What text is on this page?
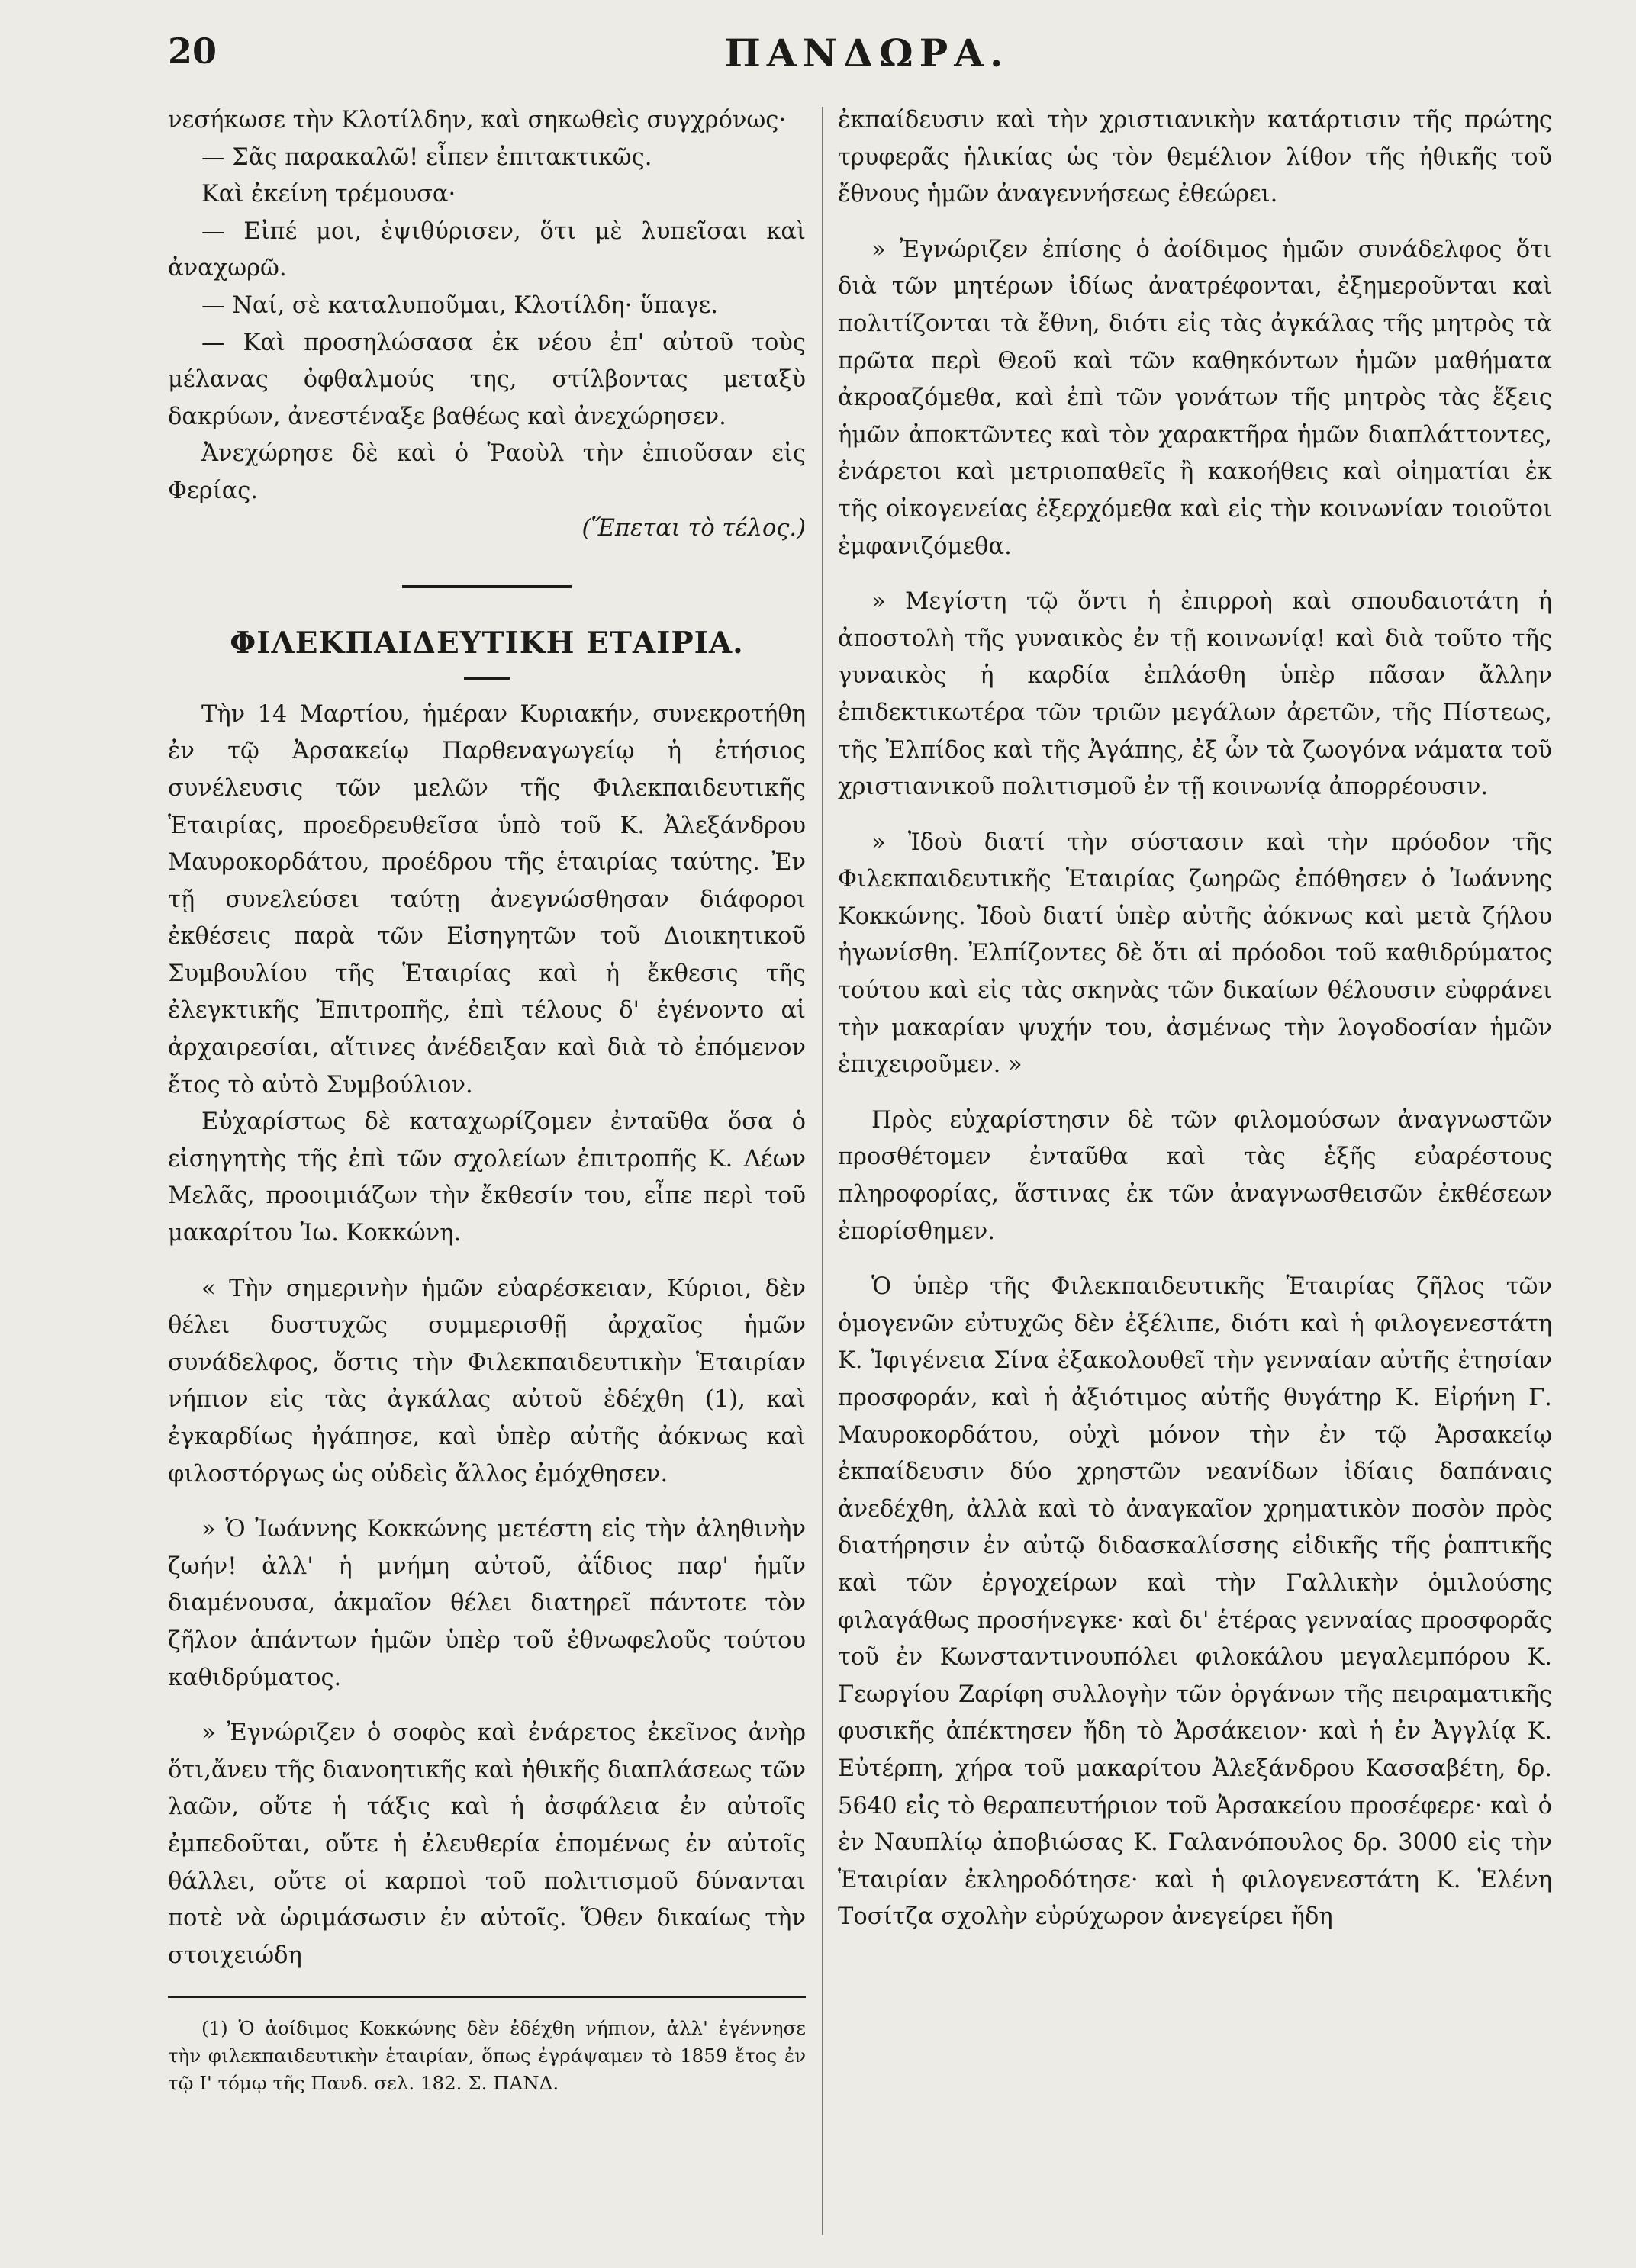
20	ΠΑΝΔΩΡΑ.

νεσήκωσε τὴν Κλοτίλδην, καὶ σηκωθεὶς συγχρόνως·

— Σᾶς παρακαλῶ! εἶπεν ἐπιτακτικῶς.

Καὶ ἐκείνη τρέμουσα·

— Εἰπέ μοι, ἐψιθύρισεν, ὅτι μὲ λυπεῖσαι καὶ ἀναχωρῶ.

— Ναί, σὲ καταλυποῦμαι, Κλοτίλδη· ὕπαγε.

— Καὶ προσηλώσασα ἐκ νέου ἐπ' αὐτοῦ τοὺς μέλανας ὀφθαλμούς της, στίλβοντας μεταξὺ δακρύων, ἀνεστέναξε βαθέως καὶ ἀνεχώρησεν.

Ἀνεχώρησε δὲ καὶ ὁ Ῥαοὺλ τὴν ἐπιοῦσαν εἰς Φερίας.

(Ἕπεται τὸ τέλος.)

ΦΙΛΕΚΠΑΙΔΕΥΤΙΚΗ ΕΤΑΙΡΙΑ.

Τὴν 14 Μαρτίου, ἡμέραν Κυριακήν, συνεκροτήθη ἐν τῷ Ἀρσακείῳ Παρθεναγωγείῳ ἡ ἐτήσιος συνέλευσις τῶν μελῶν τῆς Φιλεκπαιδευτικῆς Ἑταιρίας, προεδρευθεῖσα ὑπὸ τοῦ Κ. Ἀλεξάνδρου Μαυροκορδάτου, προέδρου τῆς ἑταιρίας ταύτης. Ἐν τῇ συνελεύσει ταύτῃ ἀνεγνώσθησαν διάφοροι ἐκθέσεις παρὰ τῶν Εἰσηγητῶν τοῦ Διοικητικοῦ Συμβουλίου τῆς Ἑταιρίας καὶ ἡ ἔκθεσις τῆς ἐλεγκτικῆς Ἐπιτροπῆς, ἐπὶ τέλους δ' ἐγένοντο αἱ ἀρχαιρεσίαι, αἵτινες ἀνέδειξαν καὶ διὰ τὸ ἐπόμενον ἔτος τὸ αὐτὸ Συμβούλιον.

Εὐχαρίστως δὲ καταχωρίζομεν ἐνταῦθα ὅσα ὁ εἰσηγητὴς τῆς ἐπὶ τῶν σχολείων ἐπιτροπῆς Κ. Λέων Μελᾶς, προοιμιάζων τὴν ἔκθεσίν του, εἶπε περὶ τοῦ μακαρίτου Ἰω. Κοκκώνη.

« Τὴν σημερινὴν ἡμῶν εὐαρέσκειαν, Κύριοι, δὲν θέλει δυστυχῶς συμμερισθῇ ἀρχαῖος ἡμῶν συνάδελφος, ὅστις τὴν Φιλεκπαιδευτικὴν Ἑταιρίαν νήπιον εἰς τὰς ἀγκάλας αὐτοῦ ἐδέχθη (1), καὶ ἐγκαρδίως ἠγάπησε, καὶ ὑπὲρ αὐτῆς ἀόκνως καὶ φιλοστόργως ὡς οὐδεὶς ἄλλος ἐμόχθησεν.

» Ὁ Ἰωάννης Κοκκώνης μετέστη εἰς τὴν ἀληθινὴν ζωήν! ἀλλ' ἡ μνήμη αὐτοῦ, ἀΐδιος παρ' ἡμῖν διαμένουσα, ἀκμαῖον θέλει διατηρεῖ πάντοτε τὸν ζῆλον ἁπάντων ἡμῶν ὑπὲρ τοῦ ἐθνωφελοῦς τούτου καθιδρύματος.

» Ἐγνώριζεν ὁ σοφὸς καὶ ἐνάρετος ἐκεῖνος ἀνὴρ ὅτι,ἄνευ τῆς διανοητικῆς καὶ ἠθικῆς διαπλάσεως τῶν λαῶν, οὔτε ἡ τάξις καὶ ἡ ἀσφάλεια ἐν αὐτοῖς ἐμπεδοῦται, οὔτε ἡ ἐλευθερία ἑπομένως ἐν αὐτοῖς θάλλει, οὔτε οἱ καρποὶ τοῦ πολιτισμοῦ δύνανται ποτὲ νὰ ὡριμάσωσιν ἐν αὐτοῖς. Ὅθεν δικαίως τὴν στοιχειώδη

(1) Ὁ ἀοίδιμος Κοκκώνης δὲν ἐδέχθη νήπιον, ἀλλ' ἐγέννησε τὴν φιλεκπαιδευτικὴν ἑταιρίαν, ὅπως ἐγράψαμεν τὸ 1859 ἔτος ἐν τῷ Ι' τόμῳ τῆς Πανδ. σελ. 182. Σ. ΠΑΝΔ.

ἐκπαίδευσιν καὶ τὴν χριστιανικὴν κατάρτισιν τῆς πρώτης τρυφερᾶς ἡλικίας ὡς τὸν θεμέλιον λίθον τῆς ἠθικῆς τοῦ ἔθνους ἡμῶν ἀναγεννήσεως ἐθεώρει.

» Ἐγνώριζεν ἐπίσης ὁ ἀοίδιμος ἡμῶν συνάδελφος ὅτι διὰ τῶν μητέρων ἰδίως ἀνατρέφονται, ἐξημεροῦνται καὶ πολιτίζονται τὰ ἔθνη, διότι εἰς τὰς ἀγκάλας τῆς μητρὸς τὰ πρῶτα περὶ Θεοῦ καὶ τῶν καθηκόντων ἡμῶν μαθήματα ἀκροαζόμεθα, καὶ ἐπὶ τῶν γονάτων τῆς μητρὸς τὰς ἕξεις ἡμῶν ἀποκτῶντες καὶ τὸν χαρακτῆρα ἡμῶν διαπλάττοντες, ἐνάρετοι καὶ μετριοπαθεῖς ἢ κακοήθεις καὶ οἰηματίαι ἐκ τῆς οἰκογενείας ἐξερχόμεθα καὶ εἰς τὴν κοινωνίαν τοιοῦτοι ἐμφανιζόμεθα.

» Μεγίστη τῷ ὄντι ἡ ἐπιρροὴ καὶ σπουδαιοτάτη ἡ ἀποστολὴ τῆς γυναικὸς ἐν τῇ κοινωνίᾳ! καὶ διὰ τοῦτο τῆς γυναικὸς ἡ καρδία ἐπλάσθη ὑπὲρ πᾶσαν ἄλλην ἐπιδεκτικωτέρα τῶν τριῶν μεγάλων ἀρετῶν, τῆς Πίστεως, τῆς Ἐλπίδος καὶ τῆς Ἀγάπης, ἐξ ὧν τὰ ζωογόνα νάματα τοῦ χριστιανικοῦ πολιτισμοῦ ἐν τῇ κοινωνίᾳ ἀπορρέουσιν.

» Ἰδοὺ διατί τὴν σύστασιν καὶ τὴν πρόοδον τῆς Φιλεκπαιδευτικῆς Ἑταιρίας ζωηρῶς ἐπόθησεν ὁ Ἰωάννης Κοκκώνης. Ἰδοὺ διατί ὑπὲρ αὐτῆς ἀόκνως καὶ μετὰ ζήλου ἠγωνίσθη. Ἐλπίζοντες δὲ ὅτι αἱ πρόοδοι τοῦ καθιδρύματος τούτου καὶ εἰς τὰς σκηνὰς τῶν δικαίων θέλουσιν εὐφράνει τὴν μακαρίαν ψυχήν του, ἀσμένως τὴν λογοδοσίαν ἡμῶν ἐπιχειροῦμεν. »

Πρὸς εὐχαρίστησιν δὲ τῶν φιλομούσων ἀναγνωστῶν προσθέτομεν ἐνταῦθα καὶ τὰς ἑξῆς εὐαρέστους πληροφορίας, ἅστινας ἐκ τῶν ἀναγνωσθεισῶν ἐκθέσεων ἐπορίσθημεν.

Ὁ ὑπὲρ τῆς Φιλεκπαιδευτικῆς Ἑταιρίας ζῆλος τῶν ὁμογενῶν εὐτυχῶς δὲν ἐξέλιπε, διότι καὶ ἡ φιλογενεστάτη Κ. Ἰφιγένεια Σίνα ἐξακολουθεῖ τὴν γενναίαν αὐτῆς ἐτησίαν προσφοράν, καὶ ἡ ἀξιότιμος αὐτῆς θυγάτηρ Κ. Εἰρήνη Γ. Μαυροκορδάτου, οὐχὶ μόνον τὴν ἐν τῷ Ἀρσακείῳ ἐκπαίδευσιν δύο χρηστῶν νεανίδων ἰδίαις δαπάναις ἀνεδέχθη, ἀλλὰ καὶ τὸ ἀναγκαῖον χρηματικὸν ποσὸν πρὸς διατήρησιν ἐν αὐτῷ διδασκαλίσσης εἰδικῆς τῆς ῥαπτικῆς καὶ τῶν ἐργοχείρων καὶ τὴν Γαλλικὴν ὁμιλούσης φιλαγάθως προσήνεγκε· καὶ δι' ἑτέρας γενναίας προσφορᾶς τοῦ ἐν Κωνσταντινουπόλει φιλοκάλου μεγαλεμπόρου Κ. Γεωργίου Ζαρίφη συλλογὴν τῶν ὀργάνων τῆς πειραματικῆς φυσικῆς ἀπέκτησεν ἤδη τὸ Ἀρσάκειον· καὶ ἡ ἐν Ἀγγλίᾳ Κ. Εὐτέρπη, χήρα τοῦ μακαρίτου Ἀλεξάνδρου Κασσαβέτη, δρ. 5640 εἰς τὸ θεραπευτήριον τοῦ Ἀρσακείου προσέφερε· καὶ ὁ ἐν Ναυπλίῳ ἀποβιώσας Κ. Γαλανόπουλος δρ. 3000 εἰς τὴν Ἑταιρίαν ἐκληροδότησε· καὶ ἡ φιλογενεστάτη Κ. Ἑλένη Τοσίτζα σχολὴν εὐρύχωρον ἀνεγείρει ἤδη
